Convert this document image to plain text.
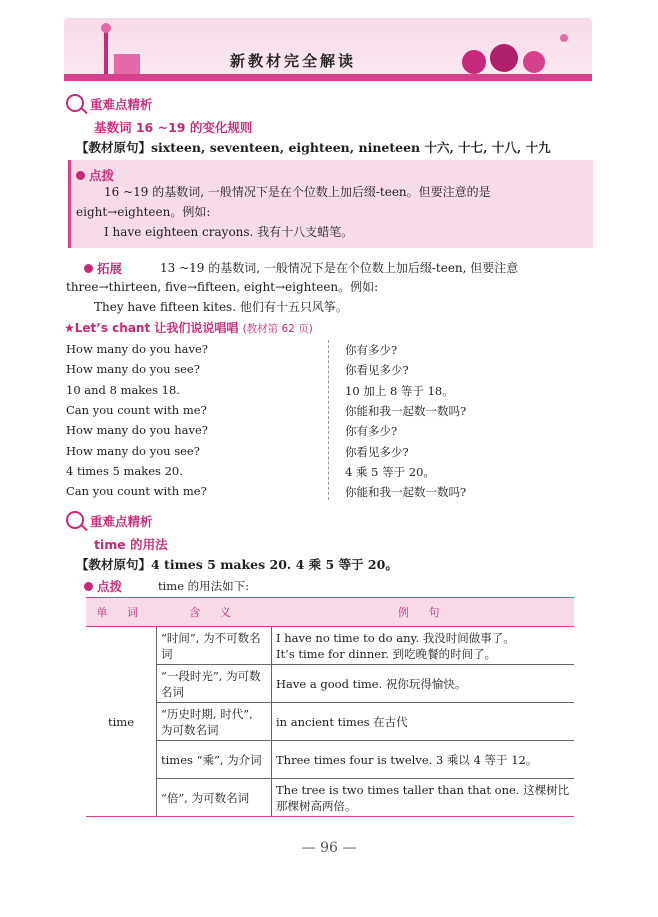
新教材完全解读
重难点精析
基数词 16 ~19 的变化规则
【教材原句】sixteen, seventeen, eighteen, nineteen 十六, 十七, 十八, 十九
点拨
16 ~19 的基数词, 一般情况下是在个位数上加后缀-teen。但要注意的是
eight→eighteen。例如:
I have eighteen crayons. 我有十八支蜡笔。
拓展	13 ~19 的基数词, 一般情况下是在个位数上加后缀-teen, 但要注意
three→thirteen, five→fifteen, eight→eighteen。例如:
They have fifteen kites. 他们有十五只风筝。
★Let’s chant 让我们说说唱唱 (教材第 62 页)
How many do you have?	你有多少?
How many do you see?	你看见多少?
10 and 8 makes 18.	10 加上 8 等于 18。
Can you count with me?	你能和我一起数一数吗?
How many do you have?	你有多少?
How many do you see?	你看见多少?
4 times 5 makes 20.	4 乘 5 等于 20。
Can you count with me?	你能和我一起数一数吗?
重难点精析
time 的用法
【教材原句】4 times 5 makes 20. 4 乘 5 等于 20。
点拨	time 的用法如下:
单 词	含 义	例 句
time	“时间”, 为不可数名词	I have no time to do any. 我没时间做事了。
It’s time for dinner. 到吃晚餐的时间了。

	“一段时光”, 为可数名词	Have a good time. 祝你玩得愉快。
	“历史时期, 时代”, 为可数名词	in ancient times 在古代
	times “乘”, 为介词	Three times four is twelve. 3 乘以 4 等于 12。
	“倍”, 为可数名词	The tree is two times taller than that one. 这棵树比那棵树高两倍。
— 96 —
